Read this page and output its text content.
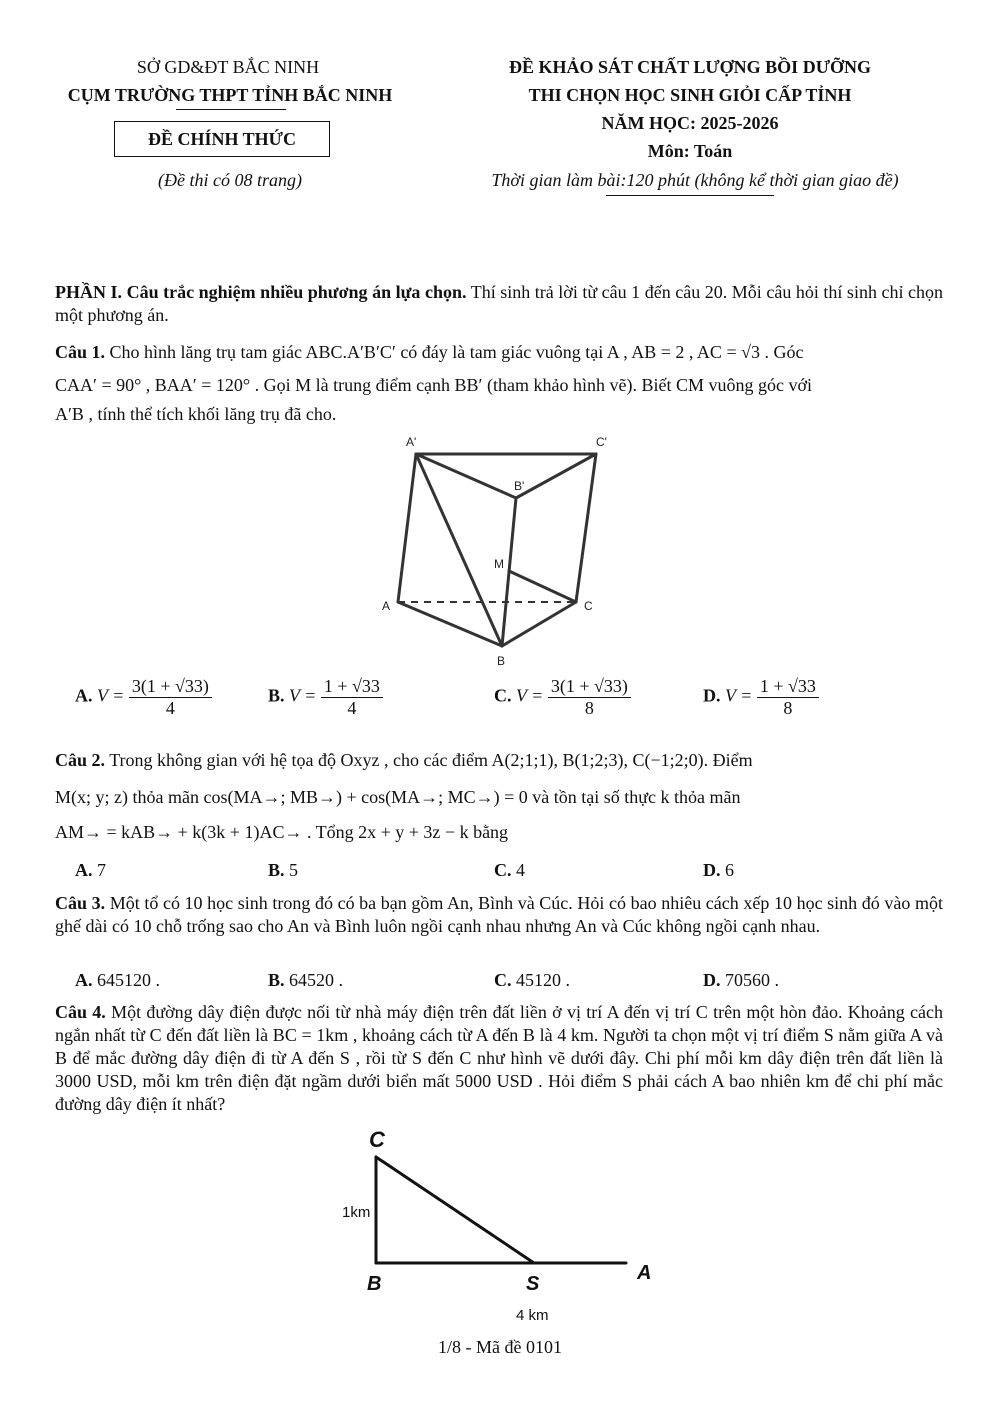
SỞ GD&ĐT BẮC NINH
CỤM TRƯỜNG THPT TỈNH BẮC NINH
ĐỀ CHÍNH THỨC
(Đề thi có 08 trang)
ĐỀ KHẢO SÁT CHẤT LƯỢNG BỒI DƯỠNG
THI CHỌN HỌC SINH GIỎI CẤP TỈNH
NĂM HỌC: 2025-2026
Môn: Toán
Thời gian làm bài:120 phút (không kể thời gian giao đề)
PHẦN I. Câu trắc nghiệm nhiều phương án lựa chọn. Thí sinh trả lời từ câu 1 đến câu 20. Mỗi câu hỏi thí sinh chỉ chọn một phương án.
Câu 1. Cho hình lăng trụ tam giác ABC.A′B′C′ có đáy là tam giác vuông tại A , AB = 2 , AC = √3 . Góc
CAA′ = 90° , BAA′ = 120° . Gọi M là trung điểm cạnh BB′ (tham khảo hình vẽ). Biết CM vuông góc với
A′B , tính thể tích khối lăng trụ đã cho.
A'	C'
B'
M
A	C
B
A. $V = \frac{3(1 + √33)}{4}$	B. $V = \frac{1 + √33}{4}$	C. $V = \frac{3(1 + √33)}{8}$	D. $V = \frac{1 + √33}{8}$
Câu 2. Trong không gian với hệ tọa độ Oxyz , cho các điểm A(2;1;1), B(1;2;3), C(−1;2;0). Điểm
M(x; y; z) thỏa mãn cos(MA→; MB→) + cos(MA→; MC→) = 0 và tồn tại số thực k thỏa mãn
AM→ = kAB→ + k(3k + 1)AC→ . Tổng 2x + y + 3z − k bằng
A. 7	B. 5	C. 4	D. 6
Câu 3. Một tổ có 10 học sinh trong đó có ba bạn gồm An, Bình và Cúc. Hỏi có bao nhiêu cách xếp 10 học sinh đó vào một ghế dài có 10 chỗ trống sao cho An và Bình luôn ngồi cạnh nhau nhưng An và Cúc không ngồi cạnh nhau.
A. 645120 .	B. 64520 .	C. 45120 .	D. 70560 .
Câu 4. Một đường dây điện được nối từ nhà máy điện trên đất liền ở vị trí A đến vị trí C trên một hòn đảo. Khoảng cách ngắn nhất từ C đến đất liền là BC = 1km , khoảng cách từ A đến B là 4 km. Người ta chọn một vị trí điểm S nằm giữa A và B để mắc đường dây điện đi từ A đến S , rồi từ S đến C như hình vẽ dưới đây. Chi phí mỗi km dây điện trên đất liền là 3000 USD, mỗi km trên điện đặt ngầm dưới biển mất 5000 USD . Hỏi điểm S phải cách A bao nhiên km để chi phí mắc đường dây điện ít nhất?
C
1km
B	S	A
4 km
1/8 - Mã đề 0101
